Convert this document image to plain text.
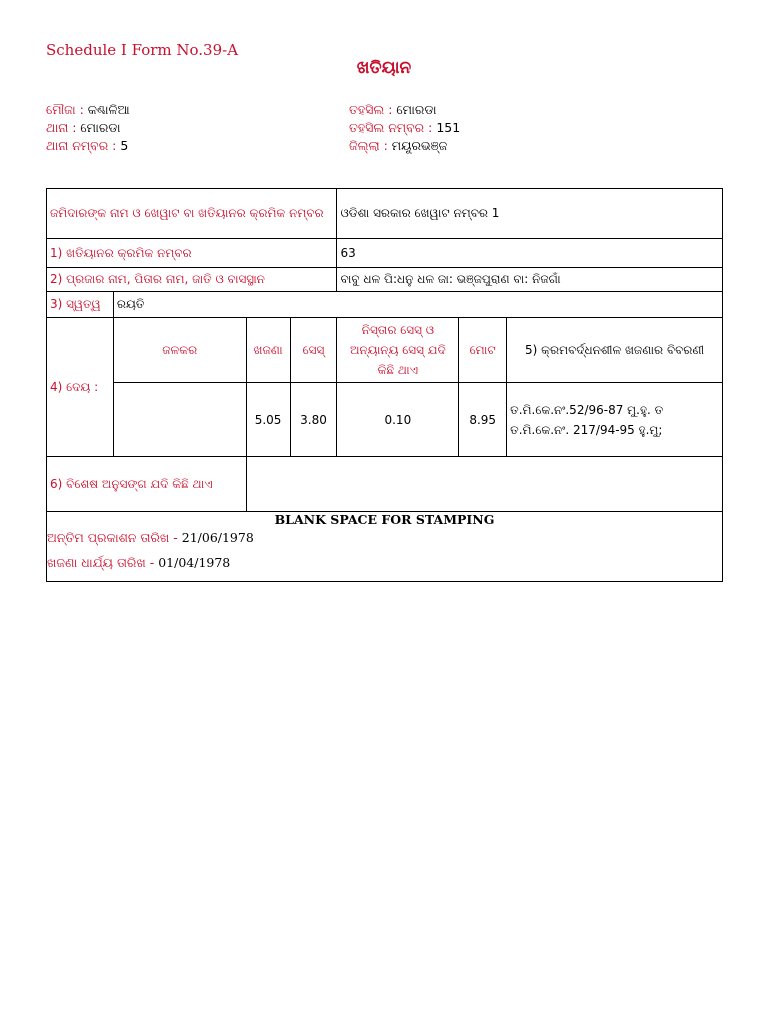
Schedule I Form No.39-A
ଖତିୟାନ
ମୌଜା : କଣ୍ଢାଳିଆ
ଥାନା : ମୋରଡା
ଥାନା ନମ୍ବର : 5
ତହସିଲ : ମୋରଡା
ତହସିଲ ନମ୍ବର : 151
ଜିଲ୍ଲା : ମୟୂରଭଞ୍ଜ
ଜମିଦାରଙ୍କ ନାମ ଓ ଖେୱାଟ ବା ଖତିୟାନର କ୍ରମିକ ନମ୍ବର				ଓଡିଶା ସରକାର ଖେୱାଟ ନମ୍ବର 1		
1) ଖତିୟାନର କ୍ରମିକ ନମ୍ବର				63		
2) ପ୍ରଜାର ନାମ, ପିତାର ନାମ, ଜାତି ଓ ବାସସ୍ଥାନ				ବାବୁ ଧଳ ପି:ଧନୁ ଧଳ ଜା: ଭଞ୍ଜପୁରାଣ ବା: ନିଜଗାଁ		
3) ସ୍ୱତ୍ୱ	ରୟତି					
4) ଦେୟ :	ଜଳକର	ଖଜଣା	ସେସ୍	ନିସ୍ତାର ସେସ୍ ଓ ଅନ୍ୟାନ୍ୟ ସେସ୍ ଯଦି କିଛି ଥାଏ	ମୋଟ	5) କ୍ରମବର୍ଦ୍ଧନଶୀଳ ଖଜଣାର ବିବରଣୀ
		5.05	3.80	0.10	8.95	ତ.ମି.କେ.ନଂ.52/96-87 ମୁ.ହୁ. ତ
ତ.ମି.କେ.ନଂ. 217/94-95 ହୁ.ମୁ;

6) ବିଶେଷ ଅନୁସଙ୍ଗ ଯଦି କିଛି ଥାଏ						

BLANK SPACE FOR STAMPING
ଅନ୍ତିମ ପ୍ରକାଶନ ତାରିଖ - 21/06/1978
ଖଜଣା ଧାର୍ଯ୍ୟ ତାରିଖ - 01/04/1978						
